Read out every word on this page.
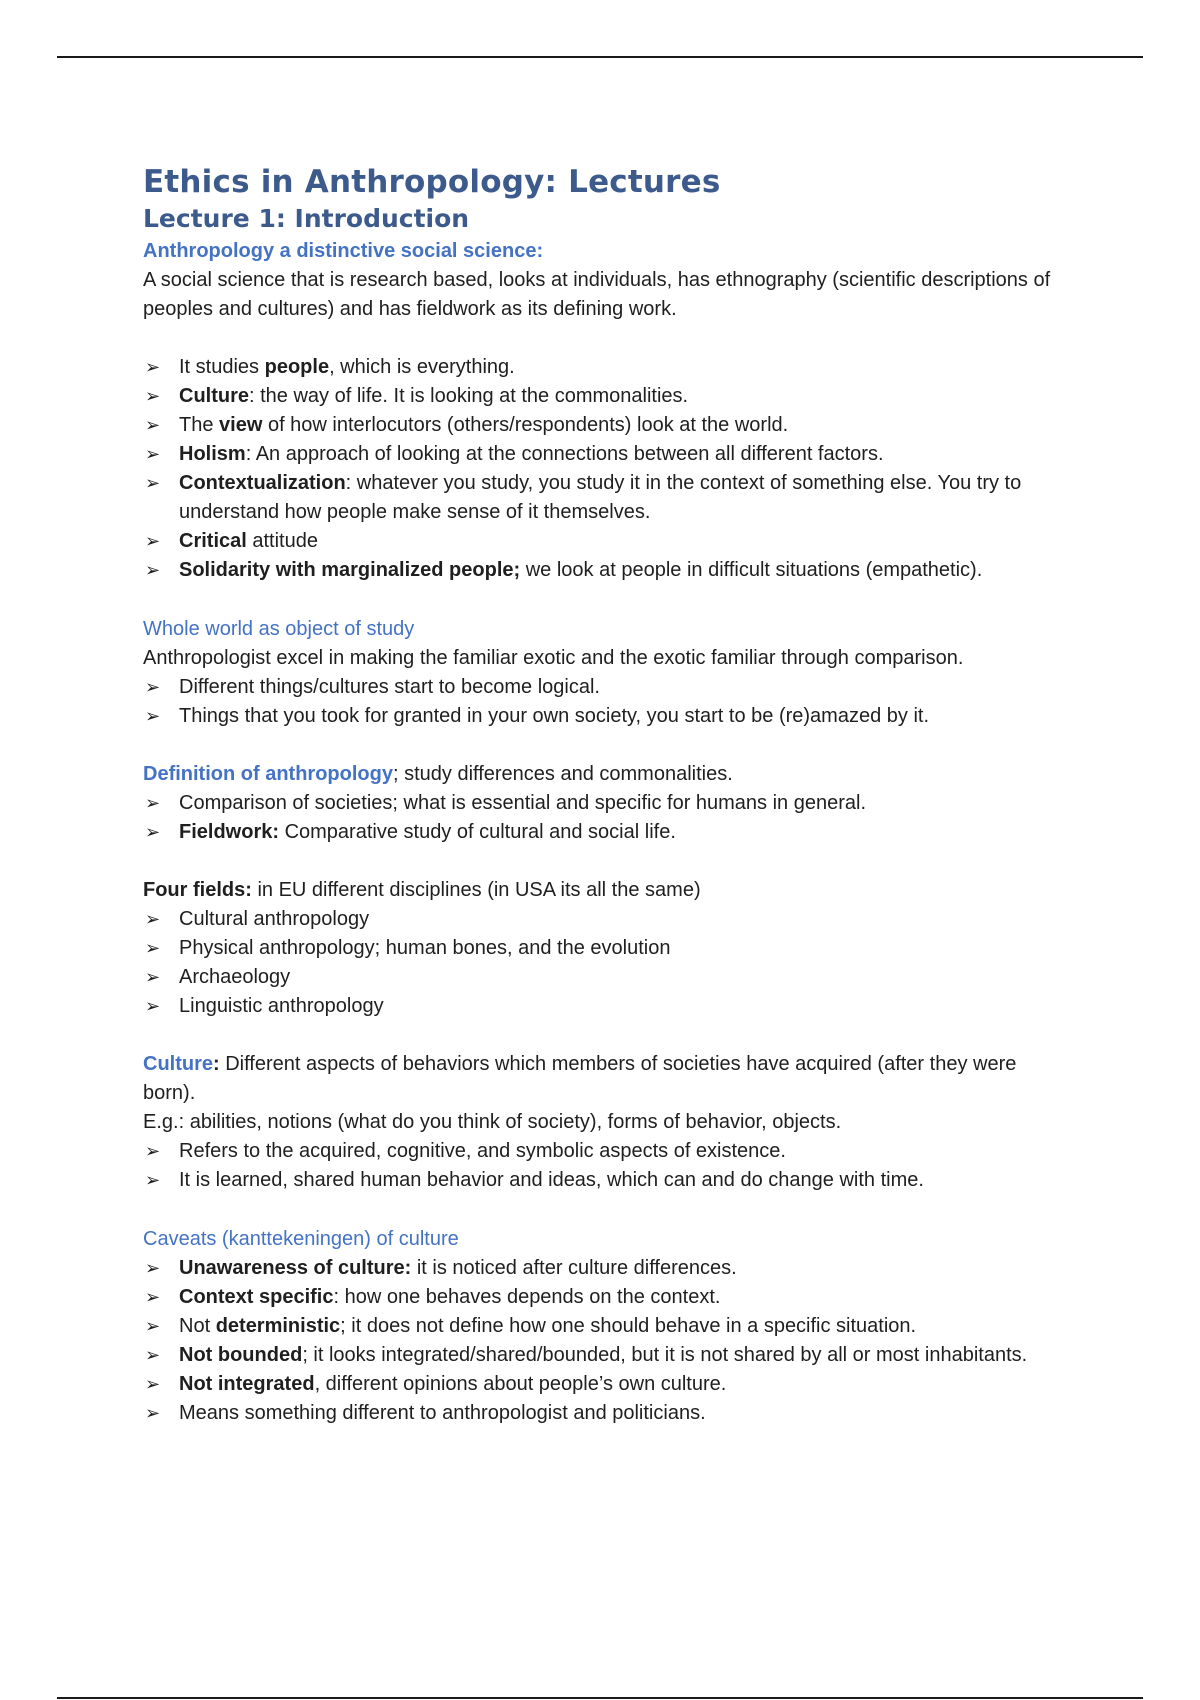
Ethics in Anthropology: Lectures
Lecture 1: Introduction
Anthropology a distinctive social science:

A social science that is research based, looks at individuals, has ethnography (scientific descriptions of peoples and cultures) and has fieldwork as its defining work.

➢ It studies people, which is everything.
➢ Culture: the way of life. It is looking at the commonalities.
➢ The view of how interlocutors (others/respondents) look at the world.
➢ Holism: An approach of looking at the connections between all different factors.
➢ Contextualization: whatever you study, you study it in the context of something else. You try to understand how people make sense of it themselves.
➢ Critical attitude
➢ Solidarity with marginalized people; we look at people in difficult situations (empathetic).
Whole world as object of study

Anthropologist excel in making the familiar exotic and the exotic familiar through comparison.

➢ Different things/cultures start to become logical.
➢ Things that you took for granted in your own society, you start to be (re)amazed by it.

Definition of anthropology; study differences and commonalities.

➢ Comparison of societies; what is essential and specific for humans in general.
➢ Fieldwork: Comparative study of cultural and social life.

Four fields: in EU different disciplines (in USA its all the same)

➢ Cultural anthropology
➢ Physical anthropology; human bones, and the evolution
➢ Archaeology
➢ Linguistic anthropology

Culture: Different aspects of behaviors which members of societies have acquired (after they were born).

E.g.: abilities, notions (what do you think of society), forms of behavior, objects.

➢ Refers to the acquired, cognitive, and symbolic aspects of existence.
➢ It is learned, shared human behavior and ideas, which can and do change with time.
Caveats (kanttekeningen) of culture
➢ Unawareness of culture: it is noticed after culture differences.
➢ Context specific: how one behaves depends on the context.
➢ Not deterministic; it does not define how one should behave in a specific situation.
➢ Not bounded; it looks integrated/shared/bounded, but it is not shared by all or most inhabitants.
➢ Not integrated, different opinions about people’s own culture.
➢ Means something different to anthropologist and politicians.
